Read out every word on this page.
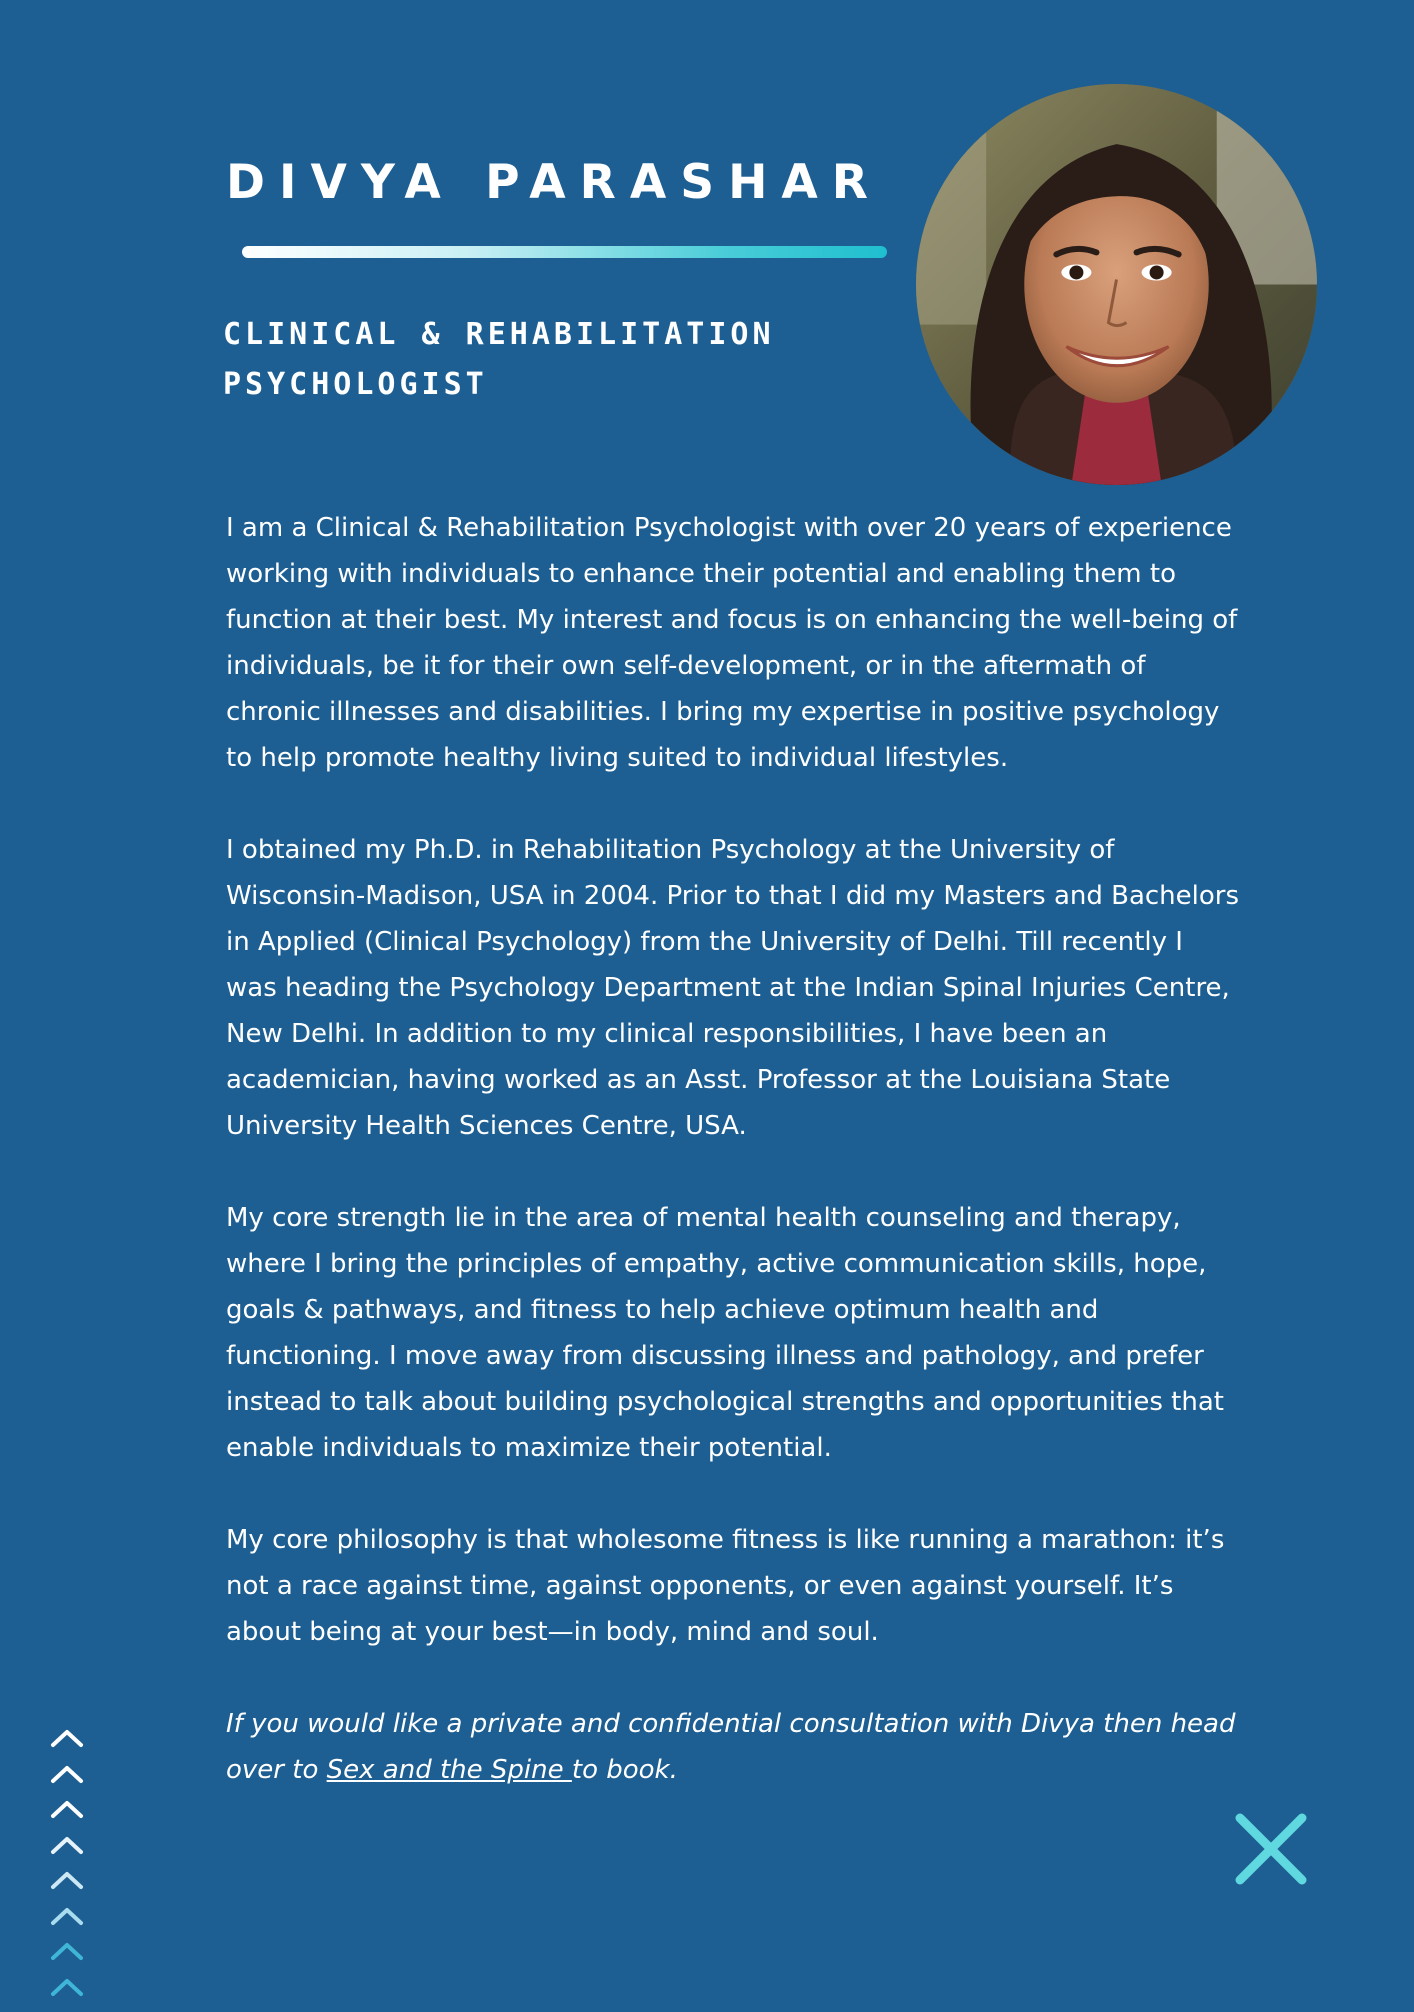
DIVYA PARASHAR
CLINICAL & REHABILITATION
PSYCHOLOGIST

I am a Clinical & Rehabilitation Psychologist with over 20 years of experience working with individuals to enhance their potential and enabling them to function at their best. My interest and focus is on enhancing the well-being of individuals, be it for their own self-development, or in the aftermath of chronic illnesses and disabilities. I bring my expertise in positive psychology to help promote healthy living suited to individual lifestyles.

I obtained my Ph.D. in Rehabilitation Psychology at the University of Wisconsin-Madison, USA in 2004. Prior to that I did my Masters and Bachelors in Applied (Clinical Psychology) from the University of Delhi. Till recently I was heading the Psychology Department at the Indian Spinal Injuries Centre, New Delhi. In addition to my clinical responsibilities, I have been an academician, having worked as an Asst. Professor at the Louisiana State University Health Sciences Centre, USA.

My core strength lie in the area of mental health counseling and therapy, where I bring the principles of empathy, active communication skills, hope, goals & pathways, and fitness to help achieve optimum health and functioning. I move away from discussing illness and pathology, and prefer instead to talk about building psychological strengths and opportunities that enable individuals to maximize their potential.

My core philosophy is that wholesome fitness is like running a marathon: it’s not a race against time, against opponents, or even against yourself. It’s about being at your best—in body, mind and soul.

If you would like a private and confidential consultation with Divya then head over to Sex and the Spine to book.
